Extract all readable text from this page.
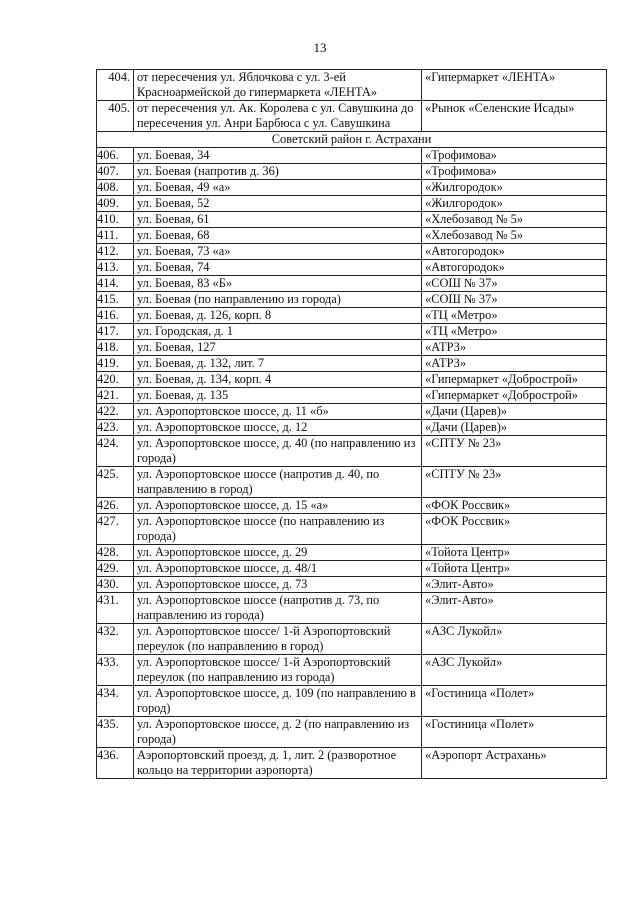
13
404.	от пересечения ул. Яблочкова с ул. 3-ей Красноармейской до гипермаркета «ЛЕНТА»	«Гипермаркет «ЛЕНТА»
405.	от пересечения ул. Ак. Королева с ул. Савушкина до пересечения ул. Анри Барбюса с ул. Савушкина	«Рынок «Селенские Исады»
Советский район г. Астрахани		
406.	ул. Боевая, 34	«Трофимова»
407.	ул. Боевая (напротив д. 36)	«Трофимова»
408.	ул. Боевая, 49 «а»	«Жилгородок»
409.	ул. Боевая, 52	«Жилгородок»
410.	ул. Боевая, 61	«Хлебозавод № 5»
411.	ул. Боевая, 68	«Хлебозавод № 5»
412.	ул. Боевая, 73 «а»	«Автогородок»
413.	ул. Боевая, 74	«Автогородок»
414.	ул. Боевая, 83 «Б»	«СОШ № 37»
415.	ул. Боевая (по направлению из города)	«СОШ № 37»
416.	ул. Боевая, д. 126, корп. 8	«ТЦ «Метро»
417.	ул. Городская, д. 1	«ТЦ «Метро»
418.	ул. Боевая, 127	«АТРЗ»
419.	ул. Боевая, д. 132, лит. 7	«АТРЗ»
420.	ул. Боевая, д. 134, корп. 4	«Гипермаркет «Добрострой»
421.	ул. Боевая, д. 135	«Гипермаркет «Добрострой»
422.	ул. Аэропортовское шоссе, д. 11 «б»	«Дачи (Царев)»
423.	ул. Аэропортовское шоссе, д. 12	«Дачи (Царев)»
424.	ул. Аэропортовское шоссе, д. 40 (по направлению из города)	«СПТУ № 23»
425.	ул. Аэропортовское шоссе (напротив д. 40, по направлению в город)	«СПТУ № 23»
426.	ул. Аэропортовское шоссе, д. 15 «а»	«ФОК Россвик»
427.	ул. Аэропортовское шоссе (по направлению из города)	«ФОК Россвик»
428.	ул. Аэропортовское шоссе, д. 29	«Тойота Центр»
429.	ул. Аэропортовское шоссе, д. 48/1	«Тойота Центр»
430.	ул. Аэропортовское шоссе, д. 73	«Элит-Авто»
431.	ул. Аэропортовское шоссе (напротив д. 73, по направлению из города)	«Элит-Авто»
432.	ул. Аэропортовское шоссе/ 1-й Аэропортовский переулок (по направлению в город)	«АЗС Лукойл»
433.	ул. Аэропортовское шоссе/ 1-й Аэропортовский переулок (по направлению из города)	«АЗС Лукойл»
434.	ул. Аэропортовское шоссе, д. 109 (по направлению в город)	«Гостиница «Полет»
435.	ул. Аэропортовское шоссе, д. 2 (по направлению из города)	«Гостиница «Полет»
436.	Аэропортовский проезд, д. 1, лит. 2 (разворотное кольцо на территории аэропорта)	«Аэропорт Астрахань»
